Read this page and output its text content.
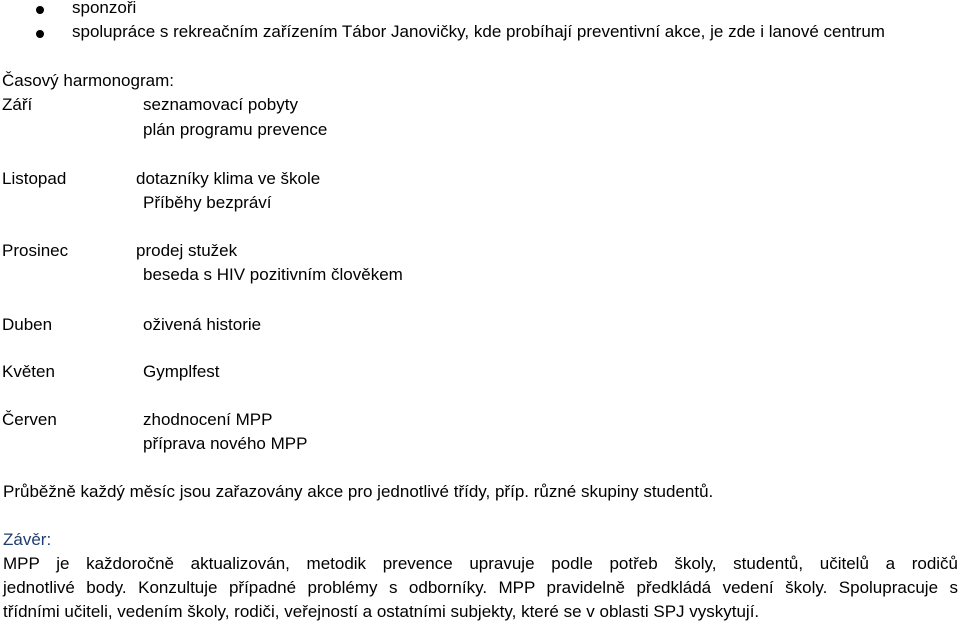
sponzoři
spolupráce s rekreačním zařízením Tábor Janovičky, kde probíhají preventivní akce, je zde i lanové centrum
Časový harmonogram:
Září	seznamovací pobyty
plán programu prevence
Listopad	dotazníky klima ve škole
Příběhy bezpráví
Prosinec	prodej stužek
beseda s HIV pozitivním člověkem
Duben	oživená historie
Květen	Gymplfest
Červen	zhodnocení MPP
příprava nového MPP
Průběžně každý měsíc jsou zařazovány akce pro jednotlivé třídy, příp. různé skupiny studentů.
Závěr:
MPP je každoročně aktualizován, metodik prevence upravuje podle potřeb školy, studentů, učitelů a rodičů
jednotlivé body. Konzultuje případné problémy s odborníky. MPP pravidelně předkládá vedení školy. Spolupracuje s
třídními učiteli, vedením školy, rodiči, veřejností a ostatními subjekty, které se v oblasti SPJ vyskytují.
